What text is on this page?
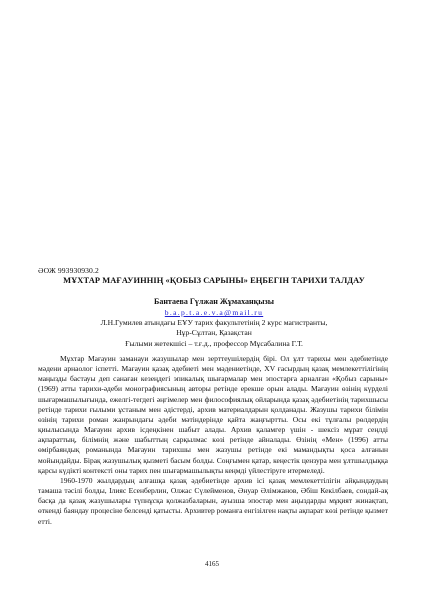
ӘОЖ 993930930.2
МҰХТАР МАҒАУИННІҢ «ҚОБЫЗ САРЫНЫ» ЕҢБЕГІН ТАРИХИ ТАЛДАУ
Бантаева Гүлжан Жұмаханқызы
b.a.p.t.a.e.v.a@mail.ru
Л.Н.Гумилев атындағы ЕҰУ тарих факультетінің 2 курс магистранты,
Нұр-Сұлтан, Қазақстан
Ғылыми жетекшісі – т.ғ.д., профессор Мұсабалина Г.Т.

Мұхтар Мағауин заманауи жазушылар мен зерттеушілердің бірі. Ол ұлт тарихы мен әдебиетінде мәдени арнаолог іспетті. Мағауин қазақ әдебиеті мен мәдениетінде, XV ғасырдың қазақ мемлекеттілігінің маңызды бастауы деп санаған кезеңдегі эпикалық шығармалар мен эпостарға арналған «Қобыз сарыны» (1969) атты тарихи-әдеби монографиясының авторы ретінде ерекше орын алады. Мағауин өзінің күрделі шығармашылығында, ежелгі-тегдегі әңгімелер мен философиялық ойларында қазақ әдебиетінің тарихшысы ретінде тарихи ғылыми ұстаным мен әдістерді, архив материалдарын қолданады. Жазушы тарихи білімін өзінің тарихи роман жанрындағы әдеби мәтіндерінде қайта жаңғыртты. Осы екі тұлғалы рөлдердің қиылысында Мағауин архив ісдеңкінен шабыт алады. Архив қаламгер үшін - шексіз мұрат сеңлді ақпараттың, білімнің және шабыттың сарқылмас көзі ретінде айналады. Өзінің «Мен» (1996) атты өмірбаяндық романында Мағауин тарихшы мен жазушы ретінде екі мамандықты қоса алғанын мойындайды. Бірақ жазушылық қызметі басым болды. Соңғымен қатар, кеңестік цензура мен ұлтшылдыққа қарсы күдікті контексті оны тарих пен шығармашылықты кеңмді үйлестіруге итермеледі.

1960-1970 жылдардың алғашқа қазақ әдебиетінде архив ісі қазақ мемлекеттілігін айқындаудың тамаша тәсілі болды, Ілияс Есенберлин, Олжас Сүлейменов, Әнуар Әлімжанов, Әбіш Кекілбаев, сондай-ақ басқа да қазақ жазушылары түпнұсқа қолжазбаларын, ауызша эпостар мен аңыздарды мұқият жинақтап, өткенді баяндау процесіне белсенді қатысты. Архивтер романға енгізілген нақты ақпарат көзі ретінде қызмет етті.

4165
